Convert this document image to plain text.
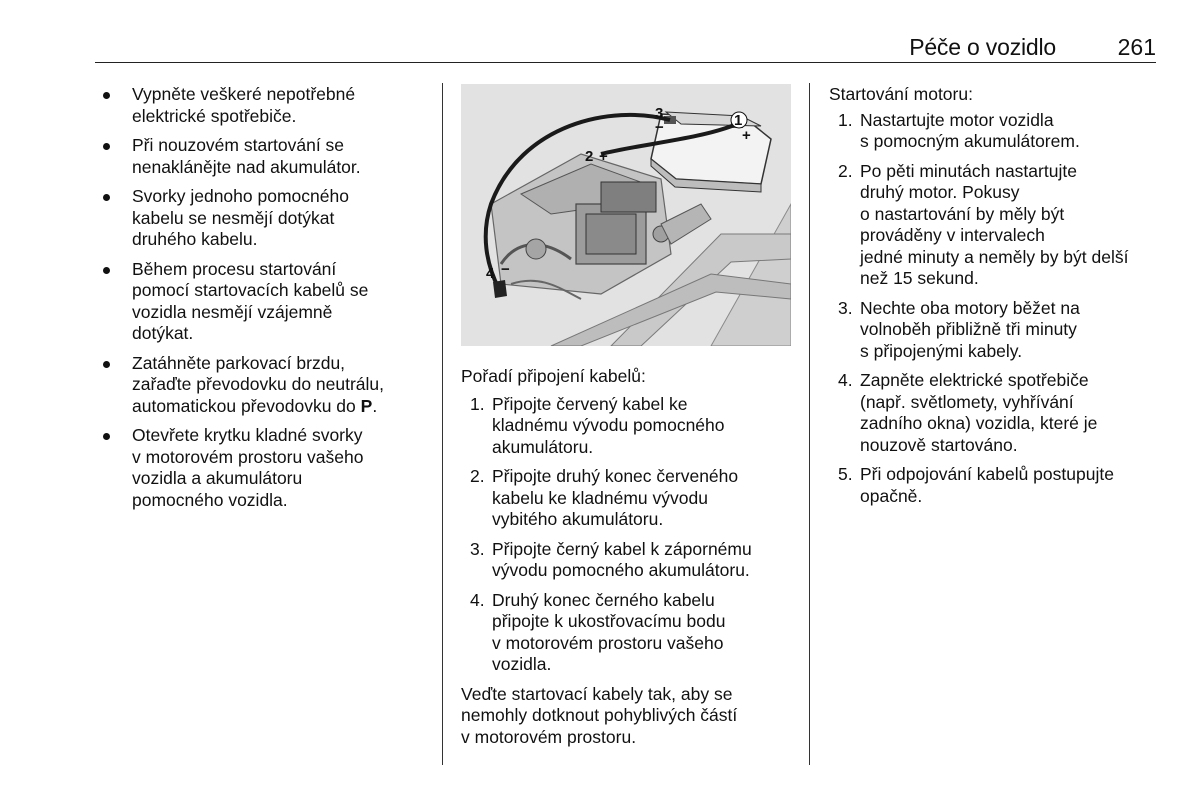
Péče o vozidlo	261
Vypněte veškeré nepotřebné
elektrické spotřebiče.
Při nouzovém startování se
nenaklánějte nad akumulátor.
Svorky jednoho pomocného
kabelu se nesmějí dotýkat
druhého kabelu.
Během procesu startování
pomocí startovacích kabelů se
vozidla nesmějí vzájemně
dotýkat.
Zatáhněte parkovací brzdu,
zařaďte převodovku do neutrálu,
automatickou převodovku do P.
Otevřete krytku kladné svorky
v motorovém prostoru vašeho
vozidla a akumulátoru
pomocného vozidla.
3
−	1
+
2 +
4 −

Pořadí připojení kabelů:

1. Připojte červený kabel ke
kladnému vývodu pomocného
akumulátoru.
2. Připojte druhý konec červeného
kabelu ke kladnému vývodu
vybitého akumulátoru.
3. Připojte černý kabel k zápornému
vývodu pomocného akumulátoru.
4. Druhý konec černého kabelu
připojte k ukostřovacímu bodu
v motorovém prostoru vašeho
vozidla.

Veďte startovací kabely tak, aby se
nemohly dotknout pohyblivých částí
v motorovém prostoru.

Startování motoru:

1. Nastartujte motor vozidla
s pomocným akumulátorem.
2. Po pěti minutách nastartujte
druhý motor. Pokusy
o nastartování by měly být
prováděny v intervalech
jedné minuty a neměly by být delší
než 15 sekund.
3. Nechte oba motory běžet na
volnoběh přibližně tři minuty
s připojenými kabely.
4. Zapněte elektrické spotřebiče
(např. světlomety, vyhřívání
zadního okna) vozidla, které je
nouzově startováno.
5. Při odpojování kabelů postupujte
opačně.
